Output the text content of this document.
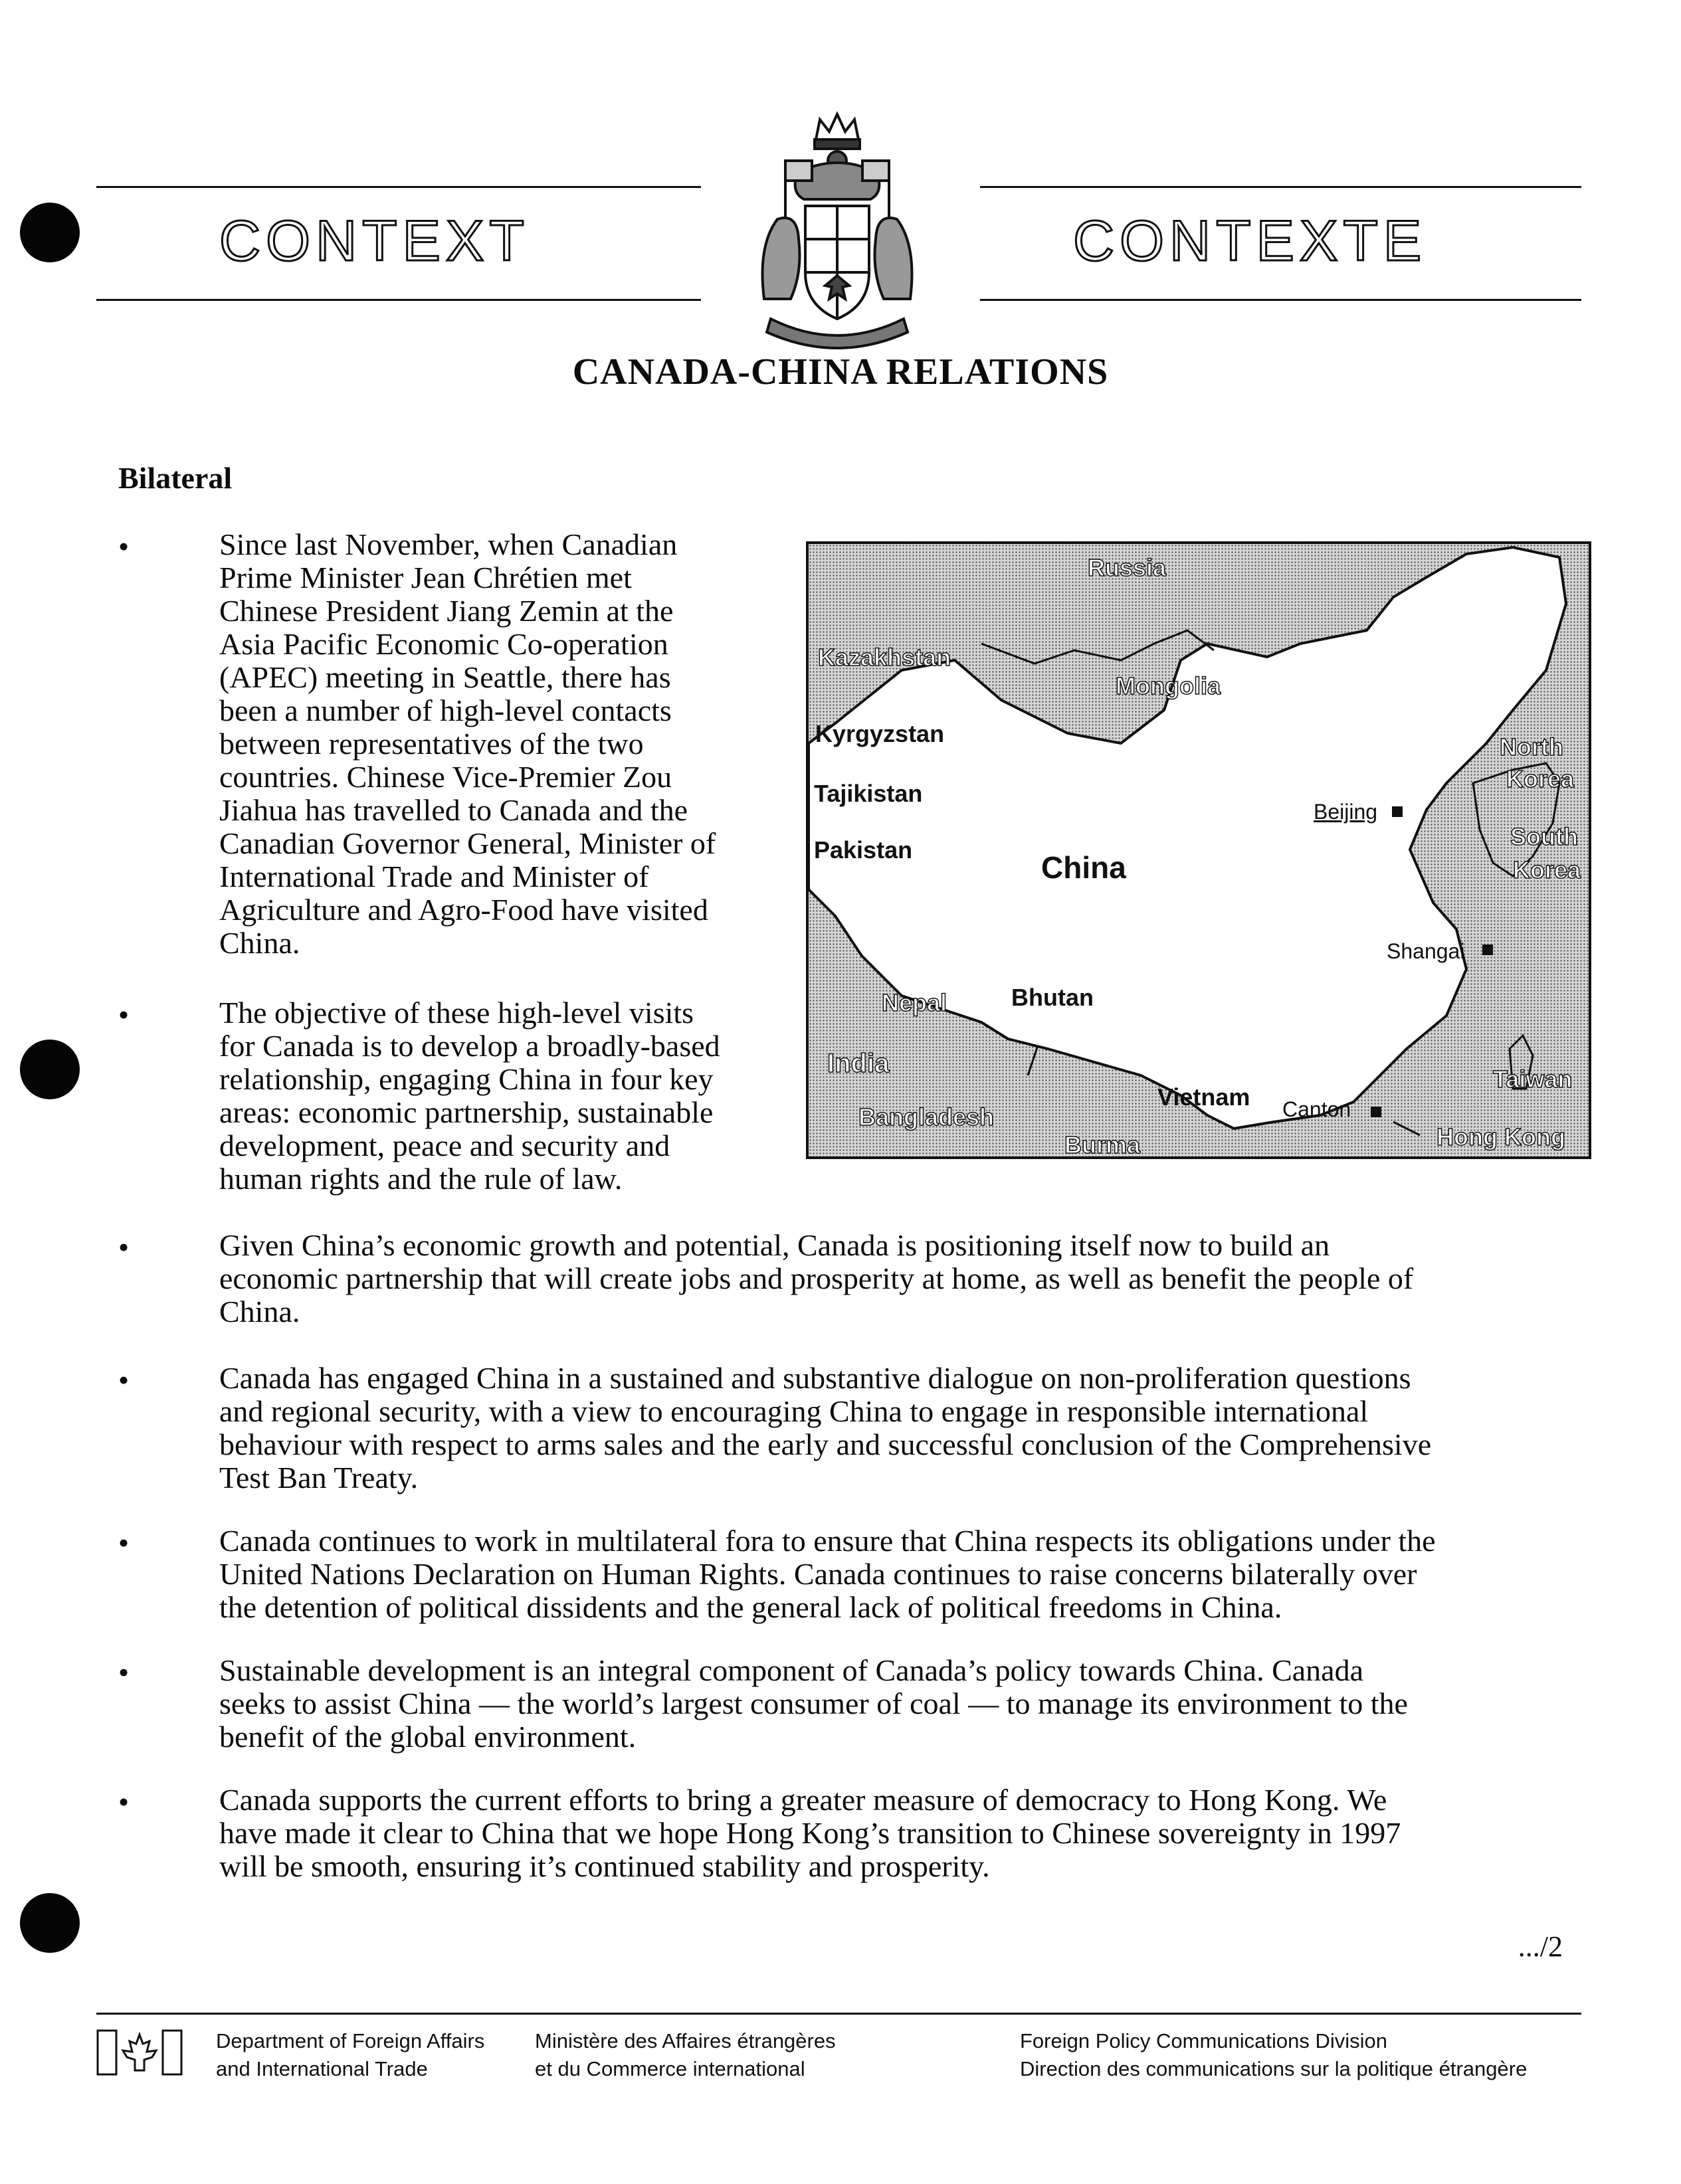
CONTEXT	CONTEXTE
CANADA-CHINA RELATIONS
Bilateral
•	Since last November, when Canadian
Prime Minister Jean Chrétien met
Chinese President Jiang Zemin at the
Asia Pacific Economic Co-operation
(APEC) meeting in Seattle, there has
been a number of high-level contacts
between representatives of the two
countries. Chinese Vice-Premier Zou
Jiahua has travelled to Canada and the
Canadian Governor General, Minister of
International Trade and Minister of
Agriculture and Agro-Food have visited
China.
•	The objective of these high-level visits
for Canada is to develop a broadly-based
relationship, engaging China in four key
areas: economic partnership, sustainable
development, peace and security and
human rights and the rule of law.
Russia
Kazakhstan
Mongolia
Kyrgyzstan
Tajikistan
Pakistan
China
Beijing
North
Korea
South
Korea
Shangai
Nepal	Bhutan
India
Bangladesh
Burma
Vietnam Canton
Taiwan
Hong Kong
•	Given China’s economic growth and potential, Canada is positioning itself now to build an
economic partnership that will create jobs and prosperity at home, as well as benefit the people of
China.
•	Canada has engaged China in a sustained and substantive dialogue on non-proliferation questions
and regional security, with a view to encouraging China to engage in responsible international
behaviour with respect to arms sales and the early and successful conclusion of the Comprehensive
Test Ban Treaty.
•	Canada continues to work in multilateral fora to ensure that China respects its obligations under the
United Nations Declaration on Human Rights. Canada continues to raise concerns bilaterally over
the detention of political dissidents and the general lack of political freedoms in China.
•	Sustainable development is an integral component of Canada’s policy towards China. Canada
seeks to assist China — the world’s largest consumer of coal — to manage its environment to the
benefit of the global environment.
•	Canada supports the current efforts to bring a greater measure of democracy to Hong Kong. We
have made it clear to China that we hope Hong Kong’s transition to Chinese sovereignty in 1997
will be smooth, ensuring it’s continued stability and prosperity.
.../2
Department of Foreign Affairs
and International Trade
Ministère des Affaires étrangères
et du Commerce international
Foreign Policy Communications Division
Direction des communications sur la politique étrangère
